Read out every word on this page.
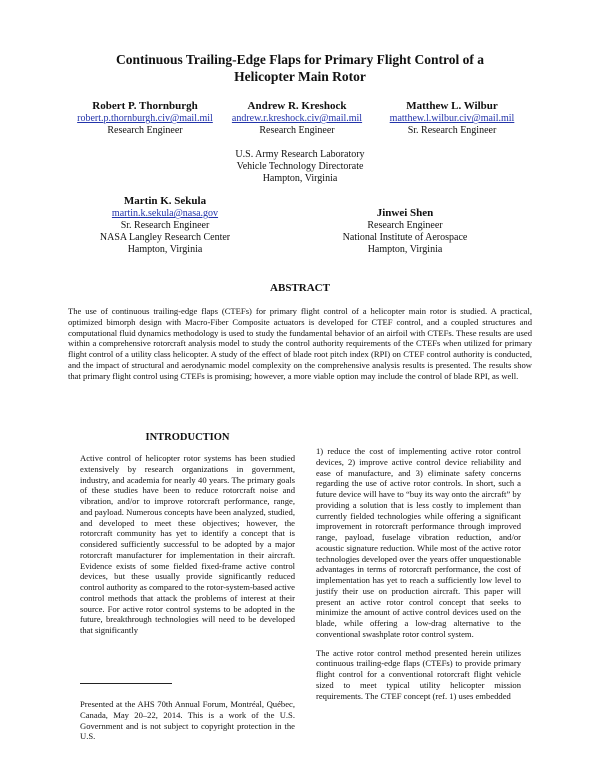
Continuous Trailing-Edge Flaps for Primary Flight Control of a
Helicopter Main Rotor
Robert P. Thornburgh
robert.p.thornburgh.civ@mail.mil
Research Engineer
Andrew R. Kreshock
andrew.r.kreshock.civ@mail.mil
Research Engineer
Matthew L. Wilbur
matthew.l.wilbur.civ@mail.mil
Sr. Research Engineer
U.S. Army Research Laboratory
Vehicle Technology Directorate
Hampton, Virginia
Martin K. Sekula
martin.k.sekula@nasa.gov
Sr. Research Engineer
NASA Langley Research Center
Hampton, Virginia
Jinwei Shen
Research Engineer
National Institute of Aerospace
Hampton, Virginia
ABSTRACT
The use of continuous trailing-edge flaps (CTEFs) for primary flight control of a helicopter main rotor is studied. A practical, optimized bimorph design with Macro-Fiber Composite actuators is developed for CTEF control, and a coupled structures and computational fluid dynamics methodology is used to study the fundamental behavior of an airfoil with CTEFs. These results are used within a comprehensive rotorcraft analysis model to study the control authority requirements of the CTEFs when utilized for primary flight control of a utility class helicopter. A study of the effect of blade root pitch index (RPI) on CTEF control authority is conducted, and the impact of structural and aerodynamic model complexity on the comprehensive analysis results is presented. The results show that primary flight control using CTEFs is promising; however, a more viable option may include the control of blade RPI, as well.
INTRODUCTION

Active control of helicopter rotor systems has been studied extensively by research organizations in government, industry, and academia for nearly 40 years. The primary goals of these studies have been to reduce rotorcraft noise and vibration, and/or to improve rotorcraft performance, range, and payload. Numerous concepts have been analyzed, studied, and developed to meet these objectives; however, the rotorcraft community has yet to identify a concept that is considered sufficiently successful to be adopted by a major rotorcraft manufacturer for implementation in their aircraft. Evidence exists of some fielded fixed-frame active control devices, but these usually provide significantly reduced control authority as compared to the rotor-system-based active control methods that attack the problems of interest at their source. For active rotor control systems to be adopted in the future, breakthrough technologies will need to be developed that significantly

1) reduce the cost of implementing active rotor control devices, 2) improve active control device reliability and ease of manufacture, and 3) eliminate safety concerns regarding the use of active rotor controls. In short, such a future device will have to “buy its way onto the aircraft” by providing a solution that is less costly to implement than currently fielded technologies while offering a significant improvement in rotorcraft performance through improved range, payload, fuselage vibration reduction, and/or acoustic signature reduction. While most of the active rotor technologies developed over the years offer unquestionable advantages in terms of rotorcraft performance, the cost of implementation has yet to reach a sufficiently low level to justify their use on production aircraft. This paper will present an active rotor control concept that seeks to minimize the amount of active control devices used on the blade, while offering a low-drag alternative to the conventional swashplate rotor control system.

The active rotor control method presented herein utilizes continuous trailing-edge flaps (CTEFs) to provide primary flight control for a conventional rotorcraft flight vehicle sized to meet typical utility helicopter mission requirements. The CTEF concept (ref. 1) uses embedded

Presented at the AHS 70th Annual Forum, Montréal, Québec, Canada, May 20–22, 2014. This is a work of the U.S. Government and is not subject to copyright protection in the U.S.
